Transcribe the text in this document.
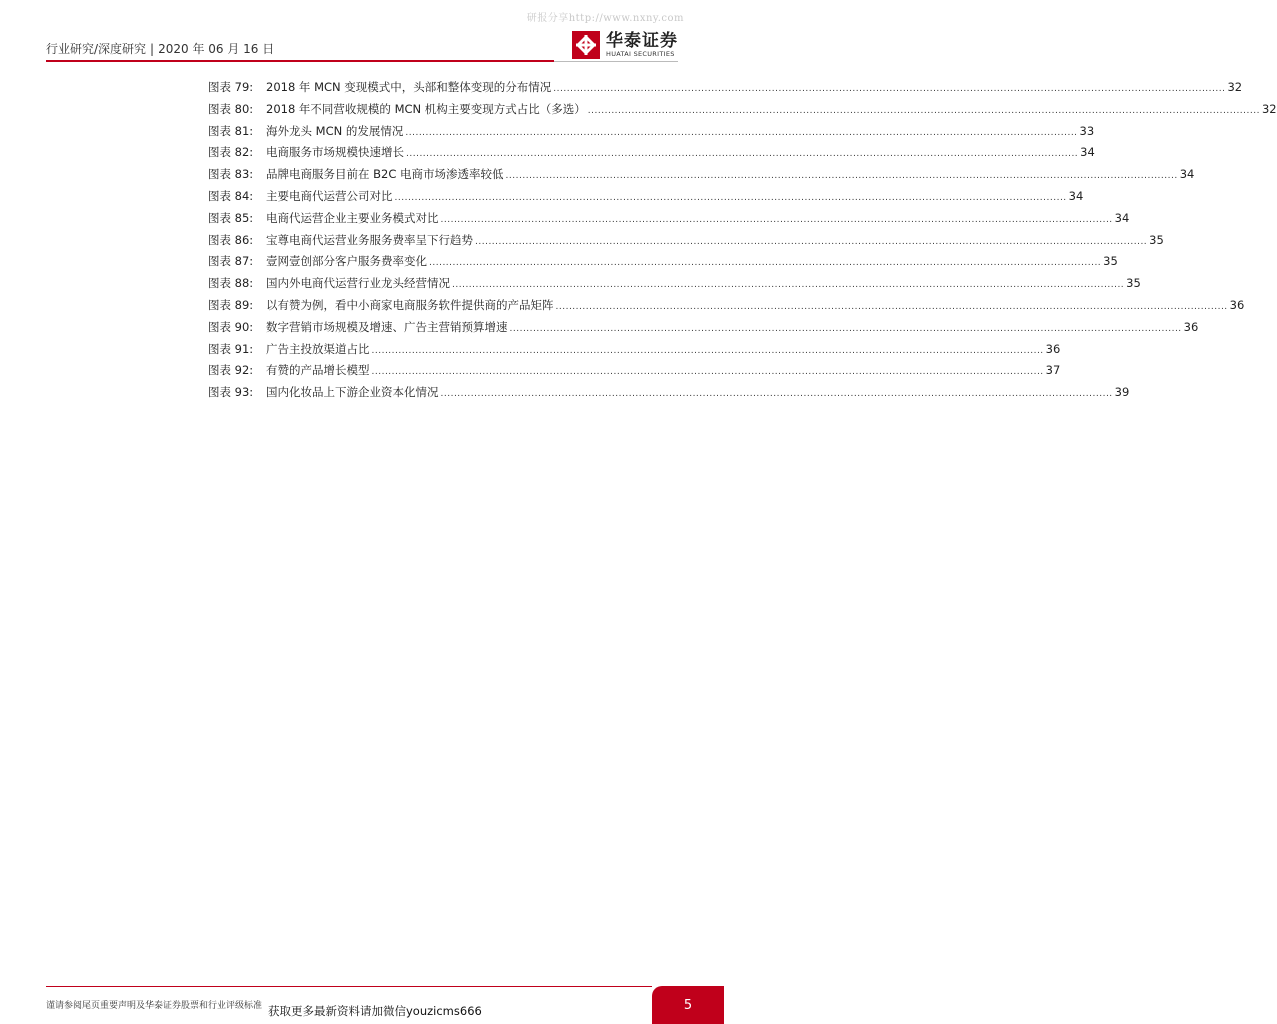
研报分享http://www.nxny.com
行业研究/深度研究 | 2020 年 06 月 16 日	华泰证券
HUATAI SECURITIES
图表 79:	2018 年 MCN 变现模式中，头部和整体变现的分布情况 ........................................................................................................................................................................................................ 32
图表 80:	2018 年不同营收规模的 MCN 机构主要变现方式占比（多选） ........................................................................................................................................................................................................ 32
图表 81:	海外龙头 MCN 的发展情况 ........................................................................................................................................................................................................ 33
图表 82:	电商服务市场规模快速增长 ........................................................................................................................................................................................................ 34
图表 83:	品牌电商服务目前在 B2C 电商市场渗透率较低 ........................................................................................................................................................................................................ 34
图表 84:	主要电商代运营公司对比 ........................................................................................................................................................................................................ 34
图表 85:	电商代运营企业主要业务模式对比 ........................................................................................................................................................................................................ 34
图表 86:	宝尊电商代运营业务服务费率呈下行趋势 ........................................................................................................................................................................................................ 35
图表 87:	壹网壹创部分客户服务费率变化 ........................................................................................................................................................................................................ 35
图表 88:	国内外电商代运营行业龙头经营情况 ........................................................................................................................................................................................................ 35
图表 89:	以有赞为例，看中小商家电商服务软件提供商的产品矩阵 ........................................................................................................................................................................................................ 36
图表 90:	数字营销市场规模及增速、广告主营销预算增速 ........................................................................................................................................................................................................ 36
图表 91:	广告主投放渠道占比 ........................................................................................................................................................................................................ 36
图表 92:	有赞的产品增长模型 ........................................................................................................................................................................................................ 37
图表 93:	国内化妆品上下游企业资本化情况 ........................................................................................................................................................................................................ 39
谨请参阅尾页重要声明及华泰证券股票和行业评级标准 获取更多最新资料请加微信youzicms666	5
